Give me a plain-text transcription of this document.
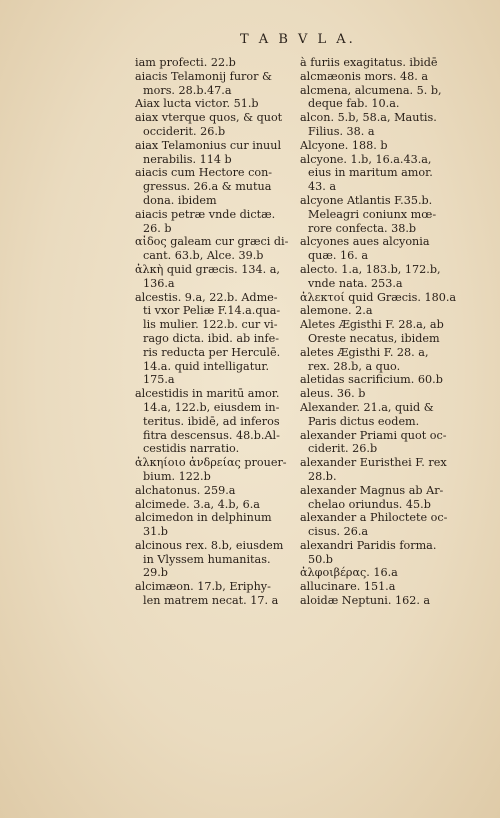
T A B V L A.
iam profecti. 22.b
aiacis Telamonij furor &
mors. 28.b.47.a
Aiax lucta victor. 51.b
aiax vterque quos, & quot
occiderit. 26.b
aiax Telamonius cur inuul
nerabilis. 114 b
aiacis cum Hectore con-
gressus. 26.a & mutua
dona. ibidem
aiacis petræ vnde dictæ.
26. b
αἶδος galeam cur græci di-
cant. 63.b, Alce. 39.b
ἀλκὴ quid græcis. 134. a,
136.a
alcestis. 9.a, 22.b. Adme-
ti vxor Peliæ F.14.a.qua-
lis mulier. 122.b. cur vi-
rago dicta. ibid. ab infe-
ris reducta per Herculē.
14.a. quid intelligatur.
175.a
alcestidis in maritū amor.
14.a, 122.b, eiusdem in-
teritus. ibidē, ad inferos
fitra descensus. 48.b.Al-
cestidis narratio.
ἀλκηίοιο ἀνδρείας prouer-
bium. 122.b
alchatonus. 259.a
alcimede. 3.a, 4.b, 6.a
alcimedon in delphinum
31.b
alcinous rex. 8.b, eiusdem
in Vlyssem humanitas.
29.b
alcimæon. 17.b, Eriphy-
len matrem necat. 17. a
à furiis exagitatus. ibidē
alcmæonis mors. 48. a
alcmena, alcumena. 5. b,
deque fab. 10.a.
alcon. 5.b, 58.a, Mautis.
Filius. 38. a
Alcyone. 188. b
alcyone. 1.b, 16.a.43.a,
eius in maritum amor.
43. a
alcyone Atlantis F.35.b.
Meleagri coniunx mœ-
rore confecta. 38.b
alcyones aues alcyonia
quæ. 16. a
alecto. 1.a, 183.b, 172.b,
vnde nata. 253.a
ἀλεκτοί quid Græcis. 180.a
alemone. 2.a
Aletes Ægisthi F. 28.a, ab
Oreste necatus, ibidem
aletes Ægisthi F. 28. a,
rex. 28.b, a quo.
aletidas sacrificium. 60.b
aleus. 36. b
Alexander. 21.a, quid &
Paris dictus eodem.
alexander Priami quot oc-
ciderit. 26.b
alexander Euristhei F. rex
28.b.
alexander Magnus ab Ar-
chelao oriundus. 45.b
alexander a Philoctete oc-
cisus. 26.a
alexandri Paridis forma.
50.b
ἀλφοιβέρας. 16.a
allucinare. 151.a
aloidæ Neptuni. 162. a
